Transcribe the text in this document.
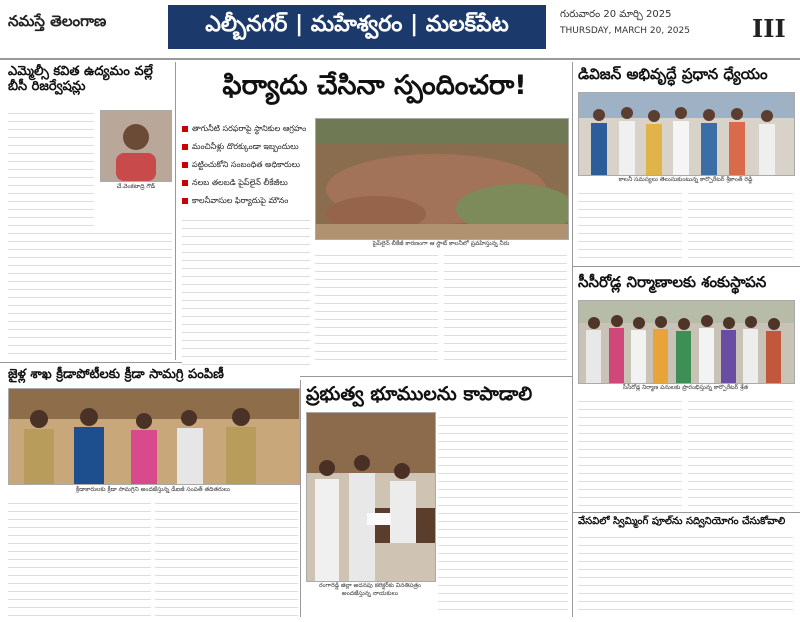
నమస్తే తెలంగాణ	ఎల్బీనగర్ | మహేశ్వరం | మలక్‌పేట	గురువారం 20 మార్చి 2025
THURSDAY, MARCH 20, 2025	III
ఎమ్మెల్సీ కవిత ఉద్యమం వల్లే బీసీ రిజర్వేషన్లు
చే.వెంకటాద్రి గౌడ్
ఫిర్యాదు చేసినా స్పందించరా!
తాగునీటి సరఫరాపై స్థానికుల ఆగ్రహం
మంచినీళ్లు దొరక్కుండా ఇబ్బందులు
పట్టించుకోని సంబంధిత అధికారులు
నలబ తలబడి పైప్‌లైన్ లీకేజీలు
కాలనీవాసుల ఫిర్యాదుపై మౌనం
పైప్‌లైన్ లీకేజీ కారణంగా ఆ స్టాట్ కాలనీలో ప్రవహిస్తున్న నీరు
డివిజన్ అభివృద్ధే ప్రధాన ధ్యేయం
కాలనీ సమస్యలు తెలుసుకుంటున్న కార్పొరేటర్ శ్రీకాంత్ రెడ్డి
సీసీరోడ్ల నిర్మాణాలకు శంకుస్థాపన
సీసీరోడ్ల నిర్మాణ పనులకు ప్రారంభిస్తున్న కార్పొరేటర్ శ్రేత
వేసవిలో స్విమ్మింగ్ పూల్‌ను సద్వినియోగం చేసుకోవాలి
జైళ్ల శాఖ క్రీడాపోటీలకు క్రీడా సామగ్రి పంపిణీ
క్రీడాకారులకు క్రీడా సామగ్రిని అందజేస్తున్న డీఐజీ సంపత్ తదితరులు
ప్రభుత్వ భూములను కాపాడాలి
రంగారెడ్డి జిల్లా అదనపు కలెక్టర్‌కు వినతిపత్రం అందజేస్తున్న నాయకులు
